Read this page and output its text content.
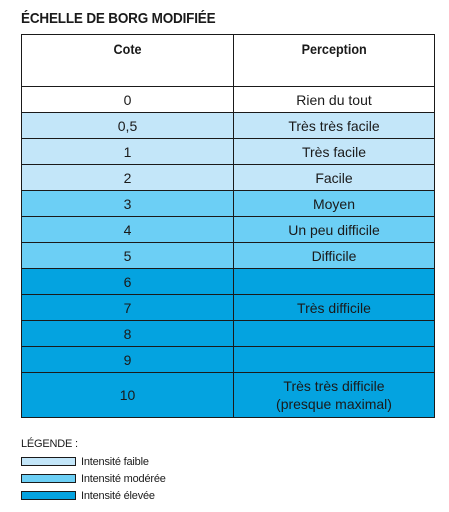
ÉCHELLE DE BORG MODIFIÉE
Cote	Perception
0	Rien du tout
0,5	Très très facile
1	Très facile
2	Facile
3	Moyen
4	Un peu difficile
5	Difficile
6	
7	Très difficile
8	
9	
10	Très très difficile
(presque maximal)
LÉGENDE :
Intensité faible
Intensité modérée
Intensité élevée
